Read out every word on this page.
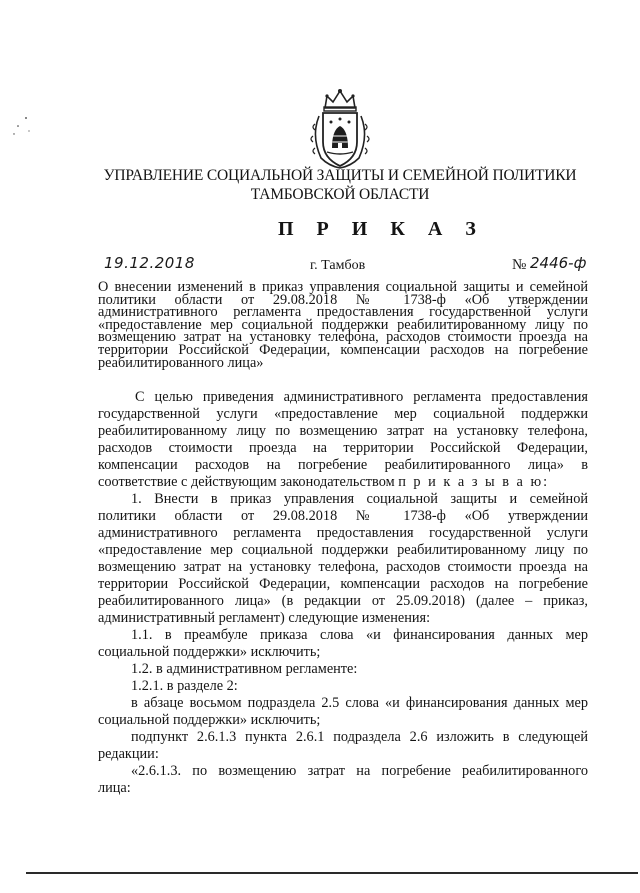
УПРАВЛЕНИЕ СОЦИАЛЬНОЙ ЗАЩИТЫ И СЕМЕЙНОЙ ПОЛИТИКИ
ТАМБОВСКОЙ ОБЛАСТИ
П Р И К А З
19.12.2018	г. Тамбов	№ 2446-ф
О внесении изменений в приказ управления социальной защиты и семейной
политики области от 29.08.2018 № 1738-ф «Об утверждении
административного регламента предоставления государственной услуги
«предоставление мер социальной поддержки реабилитированному лицу по
возмещению затрат на установку телефона, расходов стоимости проезда на
территории Российской Федерации, компенсации расходов на погребение
реабилитированного лица»
С целью приведения административного регламента предоставления
государственной услуги «предоставление мер социальной поддержки
реабилитированному лицу по возмещению затрат на установку телефона,
расходов стоимости проезда на территории Российской Федерации,
компенсации расходов на погребение реабилитированного лица» в
соответствие с действующим законодательством п р и к а з ы в а ю:
1. Внести в приказ управления социальной защиты и семейной
политики области от 29.08.2018 № 1738-ф «Об утверждении
административного регламента предоставления государственной услуги
«предоставление мер социальной поддержки реабилитированному лицу по
возмещению затрат на установку телефона, расходов стоимости проезда на
территории Российской Федерации, компенсации расходов на погребение
реабилитированного лица» (в редакции от 25.09.2018) (далее – приказ,
административный регламент) следующие изменения:
1.1. в преамбуле приказа слова «и финансирования данных мер
социальной поддержки» исключить;
1.2. в административном регламенте:
1.2.1. в разделе 2:
в абзаце восьмом подраздела 2.5 слова «и финансирования данных мер
социальной поддержки» исключить;
подпункт 2.6.1.3 пункта 2.6.1 подраздела 2.6 изложить в следующей
редакции:
«2.6.1.3. по возмещению затрат на погребение реабилитированного
лица:
